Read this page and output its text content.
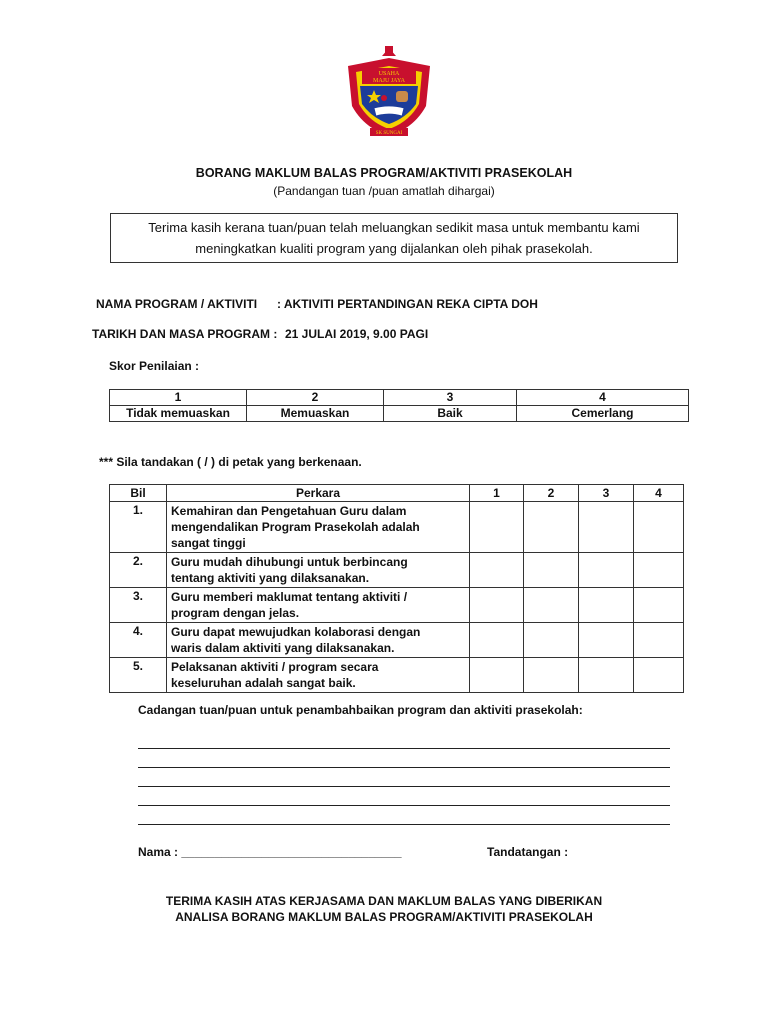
USAHA
MAJU JAYA
SK SUNGAI
BORANG MAKLUM BALAS PROGRAM/AKTIVITI PRASEKOLAH
(Pandangan tuan /puan amatlah dihargai)
Terima kasih kerana tuan/puan telah meluangkan sedikit masa untuk membantu kami
meningkatkan kualiti program yang dijalankan oleh pihak prasekolah.
NAMA PROGRAM / AKTIVITI : AKTIVITI PERTANDINGAN REKA CIPTA DOH
TARIKH DAN MASA PROGRAM : 21 JULAI 2019, 9.00 PAGI
Skor Penilaian :
1	2	3	4
Tidak memuaskan	Memuaskan	Baik	Cemerlang
*** Sila tandakan ( / ) di petak yang berkenaan.
Bil	Perkara	1	2	3	4
1.	Kemahiran dan Pengetahuan Guru dalam
mengendalikan Program Prasekolah adalah
sangat tinggi				

2.	Guru mudah dihubungi untuk berbincang
tentang aktiviti yang dilaksanakan.				

3.	Guru memberi maklumat tentang aktiviti /
program dengan jelas.				

4.	Guru dapat mewujudkan kolaborasi dengan
waris dalam aktiviti yang dilaksanakan.				

5.	Pelaksanan aktiviti / program secara
keseluruhan adalah sangat baik.				

Cadangan tuan/puan untuk penambahbaikan program dan aktiviti prasekolah:
Nama : _________________________________	Tandatangan :
TERIMA KASIH ATAS KERJASAMA DAN MAKLUM BALAS YANG DIBERIKAN
ANALISA BORANG MAKLUM BALAS PROGRAM/AKTIVITI PRASEKOLAH
